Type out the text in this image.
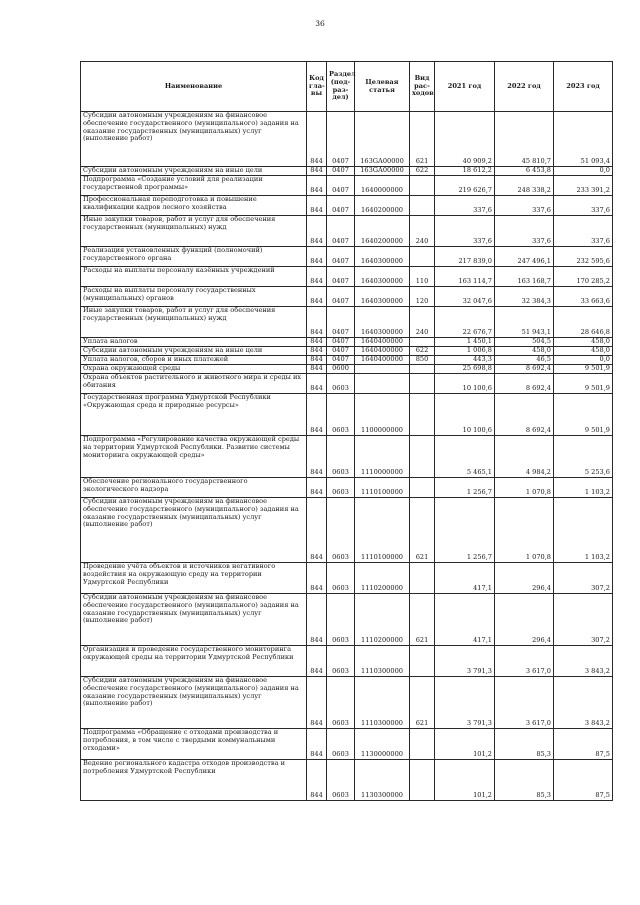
36
Наименование	Код гла-вы	Раздел (под-раз-дел)	Целевая статья	Вид рас-ходов	2021 год	2022 год	2023 год
Субсидии автономным учреждениям на финансовое обеспечение государственного (муниципального) задания на оказание государственных (муниципальных) услуг (выполнение работ)	844	0407	163GA00000	621	40 909,2	45 810,7	51 093,4
Субсидии автономным учреждениям на иные цели	844	0407	163GA00000	622	18 612,2	6 453,8	0,0
Подпрограмма «Создание условий для реализации государственной программы»	844	0407	1640000000		219 626,7	248 338,2	233 391,2
Профессиональная переподготовка и повышение квалификации кадров лесного хозяйства	844	0407	1640200000		337,6	337,6	337,6
Иные закупки товаров, работ и услуг для обеспечения государственных (муниципальных) нужд	844	0407	1640200000	240	337,6	337,6	337,6
Реализация установленных функций (полномочий) государственного органа	844	0407	1640300000		217 839,0	247 496,1	232 595,6
Расходы на выплаты персоналу казённых учреждений	844	0407	1640300000	110	163 114,7	163 168,7	170 285,2
Расходы на выплаты персоналу государственных (муниципальных) органов	844	0407	1640300000	120	32 047,6	32 384,3	33 663,6
Иные закупки товаров, работ и услуг для обеспечения государственных (муниципальных) нужд	844	0407	1640300000	240	22 676,7	51 943,1	28 646,8
Уплата налогов	844	0407	1640400000		1 450,1	504,5	458,0
Субсидии автономным учреждениям на иные цели	844	0407	1640400000	622	1 006,8	458,0	458,0
Уплата налогов, сборов и иных платежей	844	0407	1640400000	850	443,3	46,5	0,0
Охрана окружающей среды	844	0600			25 698,8	8 692,4	9 501,9
Охрана объектов растительного и животного мира и среды их обитания	844	0603			10 100,6	8 692,4	9 501,9
Государственная программа Удмуртской Республики «Окружающая среда и природные ресурсы»	844	0603	1100000000		10 100,6	8 692,4	9 501,9
Подпрограмма «Регулирование качества окружающей среды на территории Удмуртской Республики. Развитие системы мониторинга окружающей среды»	844	0603	1110000000		5 465,1	4 984,2	5 253,6
Обеспечение регионального государственного экологического надзора	844	0603	1110100000		1 256,7	1 070,8	1 103,2
Субсидии автономным учреждениям на финансовое обеспечение государственного (муниципального) задания на оказание государственных (муниципальных) услуг (выполнение работ)	844	0603	1110100000	621	1 256,7	1 070,8	1 103,2
Проведение учёта объектов и источников негативного воздействия на окружающую среду на территории Удмуртской Республики	844	0603	1110200000		417,1	296,4	307,2
Субсидии автономным учреждениям на финансовое обеспечение государственного (муниципального) задания на оказание государственных (муниципальных) услуг (выполнение работ)	844	0603	1110200000	621	417,1	296,4	307,2
Организация и проведение государственного мониторинга окружающей среды на территории Удмуртской Республики	844	0603	1110300000		3 791,3	3 617,0	3 843,2
Субсидии автономным учреждениям на финансовое обеспечение государственного (муниципального) задания на оказание государственных (муниципальных) услуг (выполнение работ)	844	0603	1110300000	621	3 791,3	3 617,0	3 843,2
Подпрограмма «Обращение с отходами производства и потребления, в том числе с твердыми коммунальными отходами»	844	0603	1130000000		101,2	85,3	87,5
Ведение регионального кадастра отходов производства и потребления Удмуртской Республики	844	0603	1130300000		101,2	85,3	87,5
